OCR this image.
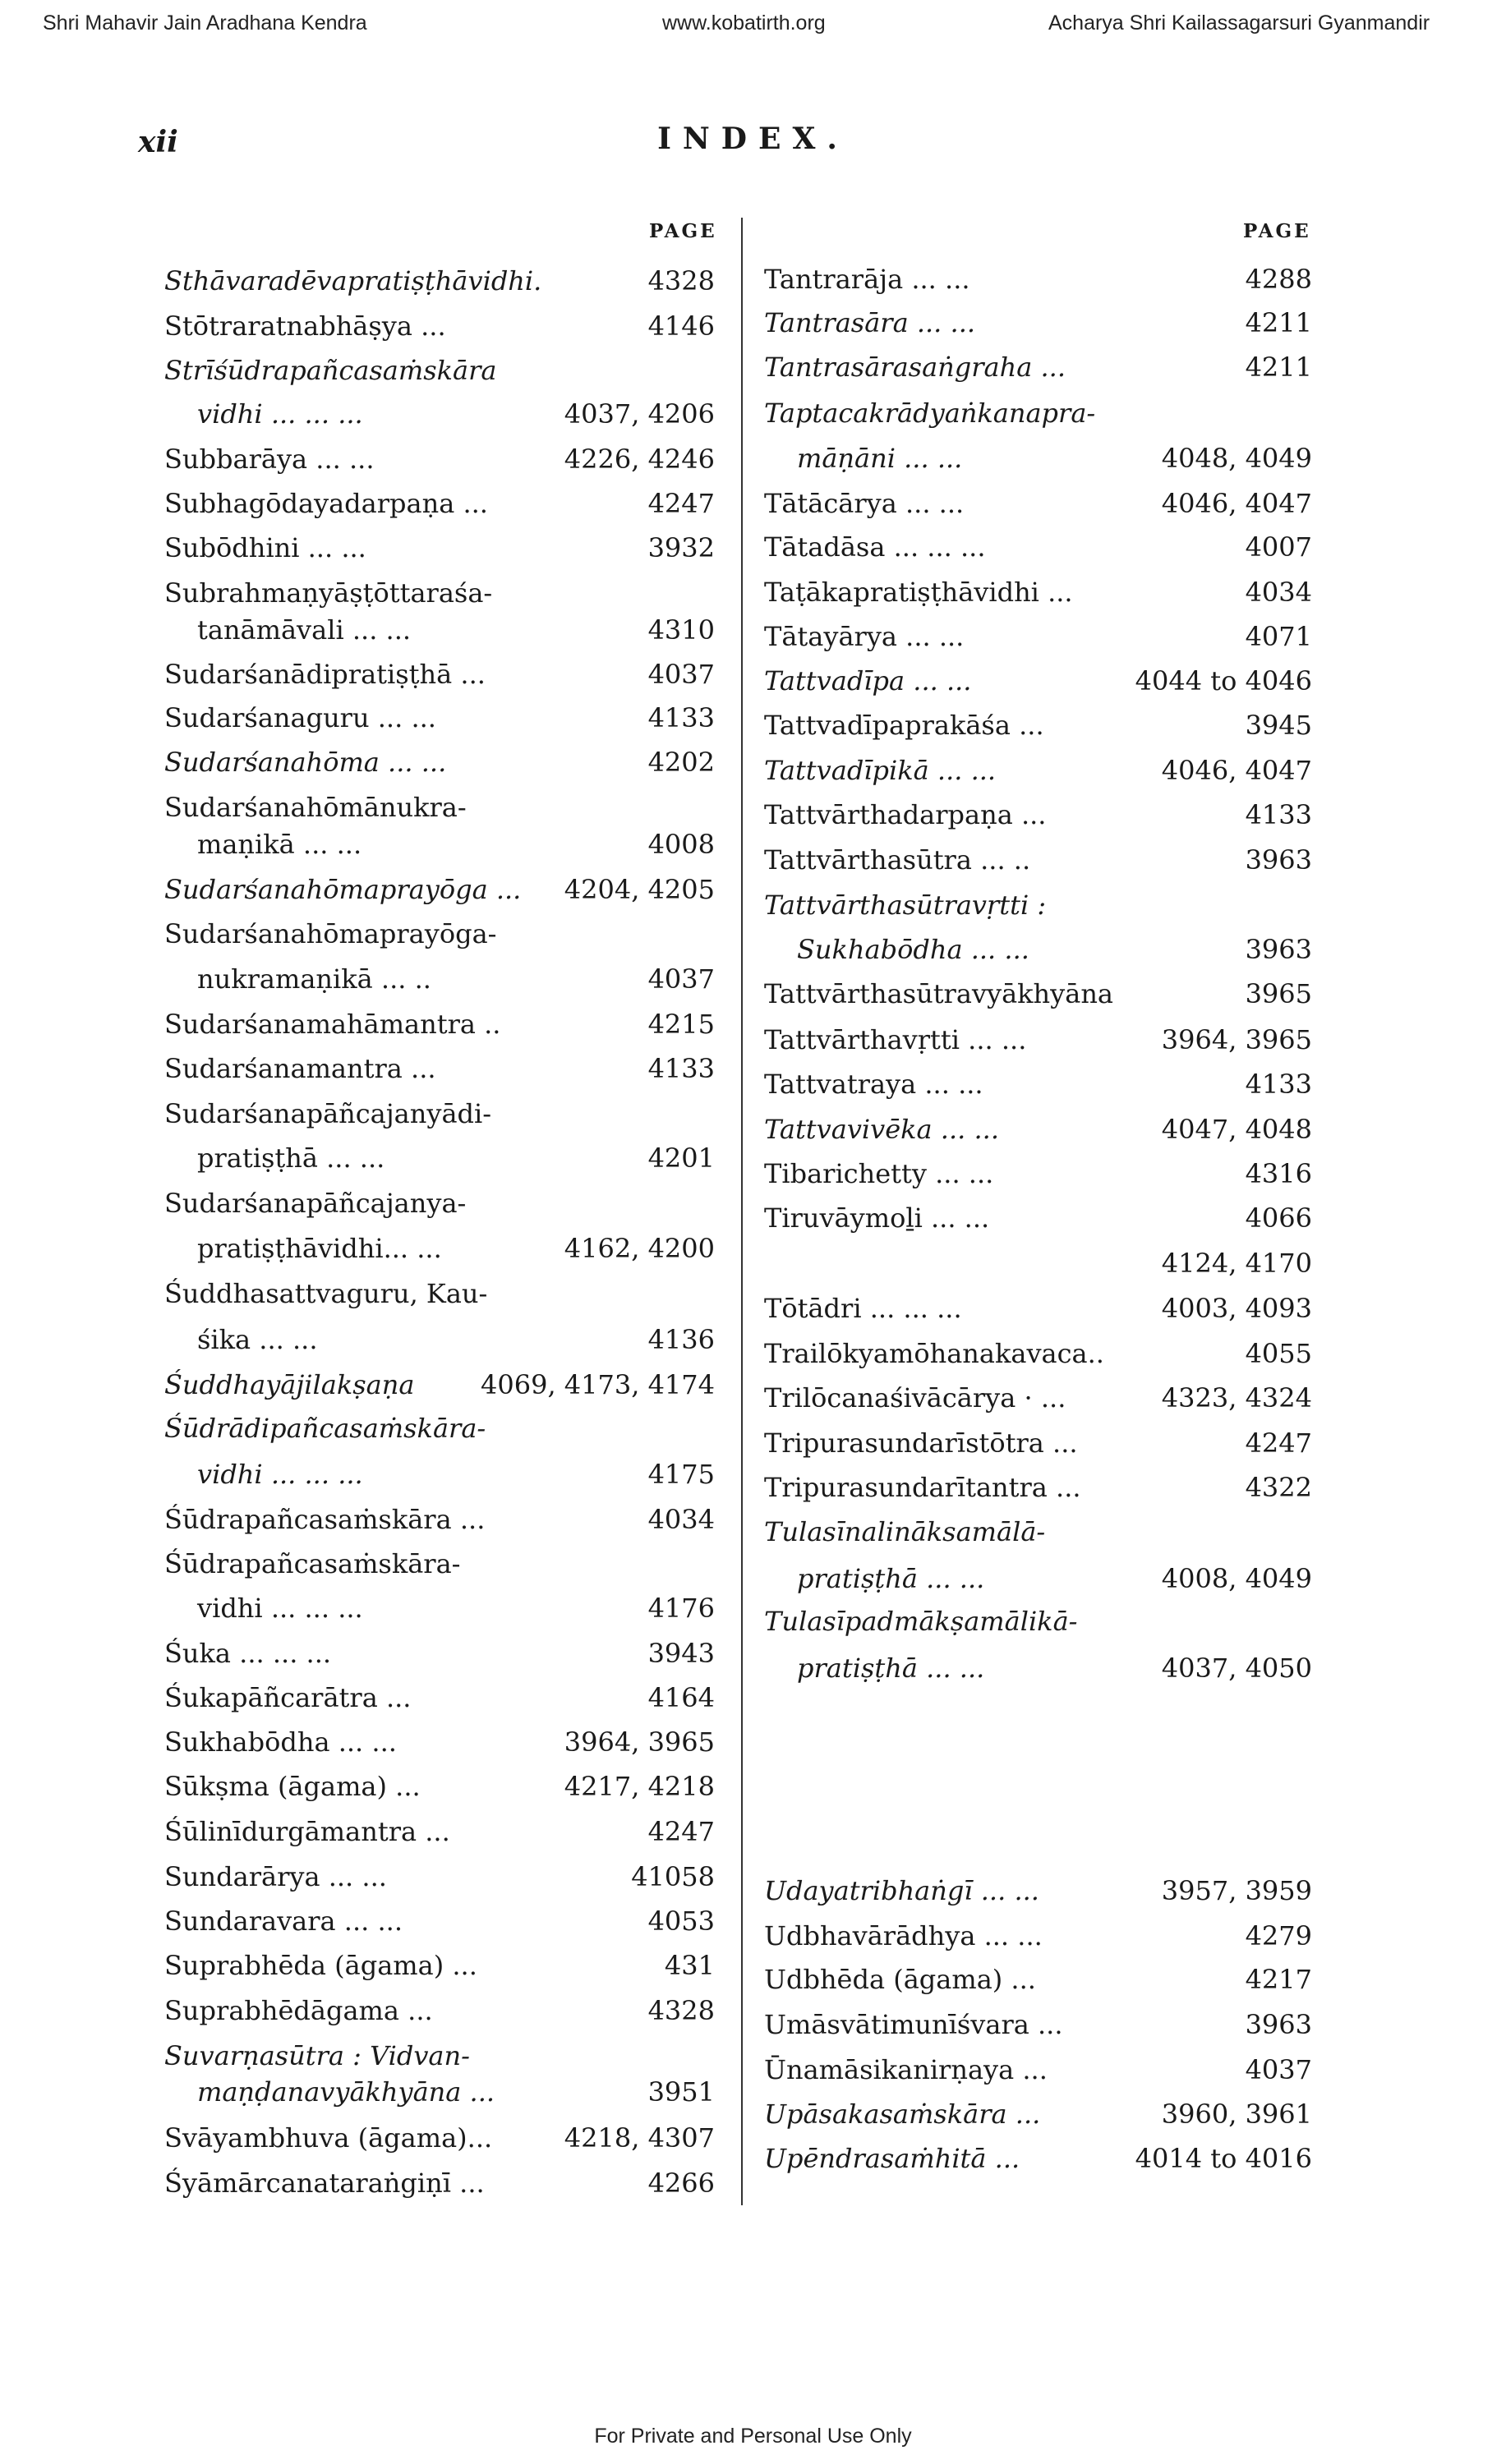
Shri Mahavir Jain Aradhana Kendra	www.kobatirth.org	Acharya Shri Kailassagarsuri Gyanmandir
xii	INDEX.
PAGE	PAGE
Sthāvaradēvapratiṣṭhāvidhi.	4328
Stōtraratnabhāṣya ...	4146
Strīśūdrapañcasaṁskāra
vidhi ... ... ...	4037, 4206
Subbarāya ... ...	4226, 4246
Subhagōdayadarpaṇa ...	4247
Subōdhini ... ...	3932
Subrahmaṇyāṣṭōttaraśa-
tanāmāvali ... ...	4310
Sudarśanādipratiṣṭhā ...	4037
Sudarśanaguru ... ...	4133
Sudarśanahōma ... ...	4202
Sudarśanahōmānukra-
maṇikā ... ...	4008
Sudarśanahōmaprayōga ... 4204, 4205
Sudarśanahōmaprayōga-
nukramaṇikā ... ..	4037
Sudarśanamahāmantra ..	4215
Sudarśanamantra ...	4133
Sudarśanapāñcajanyādi-
pratiṣṭhā ... ...	4201
Sudarśanapāñcajanya-
pratiṣṭhāvidhi... ...	4162, 4200
Śuddhasattvaguru, Kau-
śika ... ...	4136
Śuddhayājilakṣaṇa	4069, 4173, 4174
Śūdrādipañcasaṁskāra-
vidhi ... ... ...	4175
Śūdrapañcasaṁskāra ...	4034
Śūdrapañcasaṁskāra-
vidhi ... ... ...	4176
Śuka ... ... ...	3943
Śukapāñcarātra ...	4164
Sukhabōdha ... ...	3964, 3965
Sūkṣma (āgama) ...	4217, 4218
Śūlinīdurgāmantra ...	4247
Sundarārya ... ...	41058
Sundaravara ... ...	4053
Suprabhēda (āgama) ...	431
Suprabhēdāgama ...	4328
Suvarṇasūtra : Vidvan-
maṇḍanavyākhyāna ...	3951
Svāyambhuva (āgama)...	4218, 4307
Śyāmārcanataraṅgiṇī ...	4266
Tantrarāja ... ...	4288
Tantrasāra ... ...	4211
Tantrasārasaṅgraha ...	4211
Taptacakrādyaṅkanapra-
māṇāni ... ...	4048, 4049
Tātācārya ... ...	4046, 4047
Tātadāsa ... ... ...	4007
Taṭākapratiṣṭhāvidhi ...	4034
Tātayārya ... ...	4071
Tattvadīpa ... ...	4044 to 4046
Tattvadīpaprakāśa ...	3945
Tattvadīpikā ... ...	4046, 4047
Tattvārthadarpaṇa ...	4133
Tattvārthasūtra ... ..	3963
Tattvārthasūtravṛtti :
Sukhabōdha ... ...	3963
Tattvārthasūtravyākhyāna	3965
Tattvārthavṛtti ... ...	3964, 3965
Tattvatraya ... ...	4133
Tattvavivēka ... ...	4047, 4048
Tibarichetty ... ...	4316
Tiruvāymoḻi ... ...	4066
4124, 4170
Tōtādri ... ... ...	4003, 4093
Trailōkyamōhanakavaca..	4055
Trilōcanaśivācārya · ...	4323, 4324
Tripurasundarīstōtra ...	4247
Tripurasundarītantra ...	4322
Tulasīnalināksamālā-
pratiṣṭhā ... ...	4008, 4049
Tulasīpadmākṣamālikā-
pratiṣṭhā ... ...	4037, 4050
Udayatribhaṅgī ... ...	3957, 3959
Udbhavārādhya ... ...	4279
Udbhēda (āgama) ...	4217
Umāsvātimunīśvara ...	3963
Ūnamāsikanirṇaya ...	4037
Upāsakasaṁskāra ...	3960, 3961
Upēndrasaṁhitā ...	4014 to 4016
For Private and Personal Use Only
